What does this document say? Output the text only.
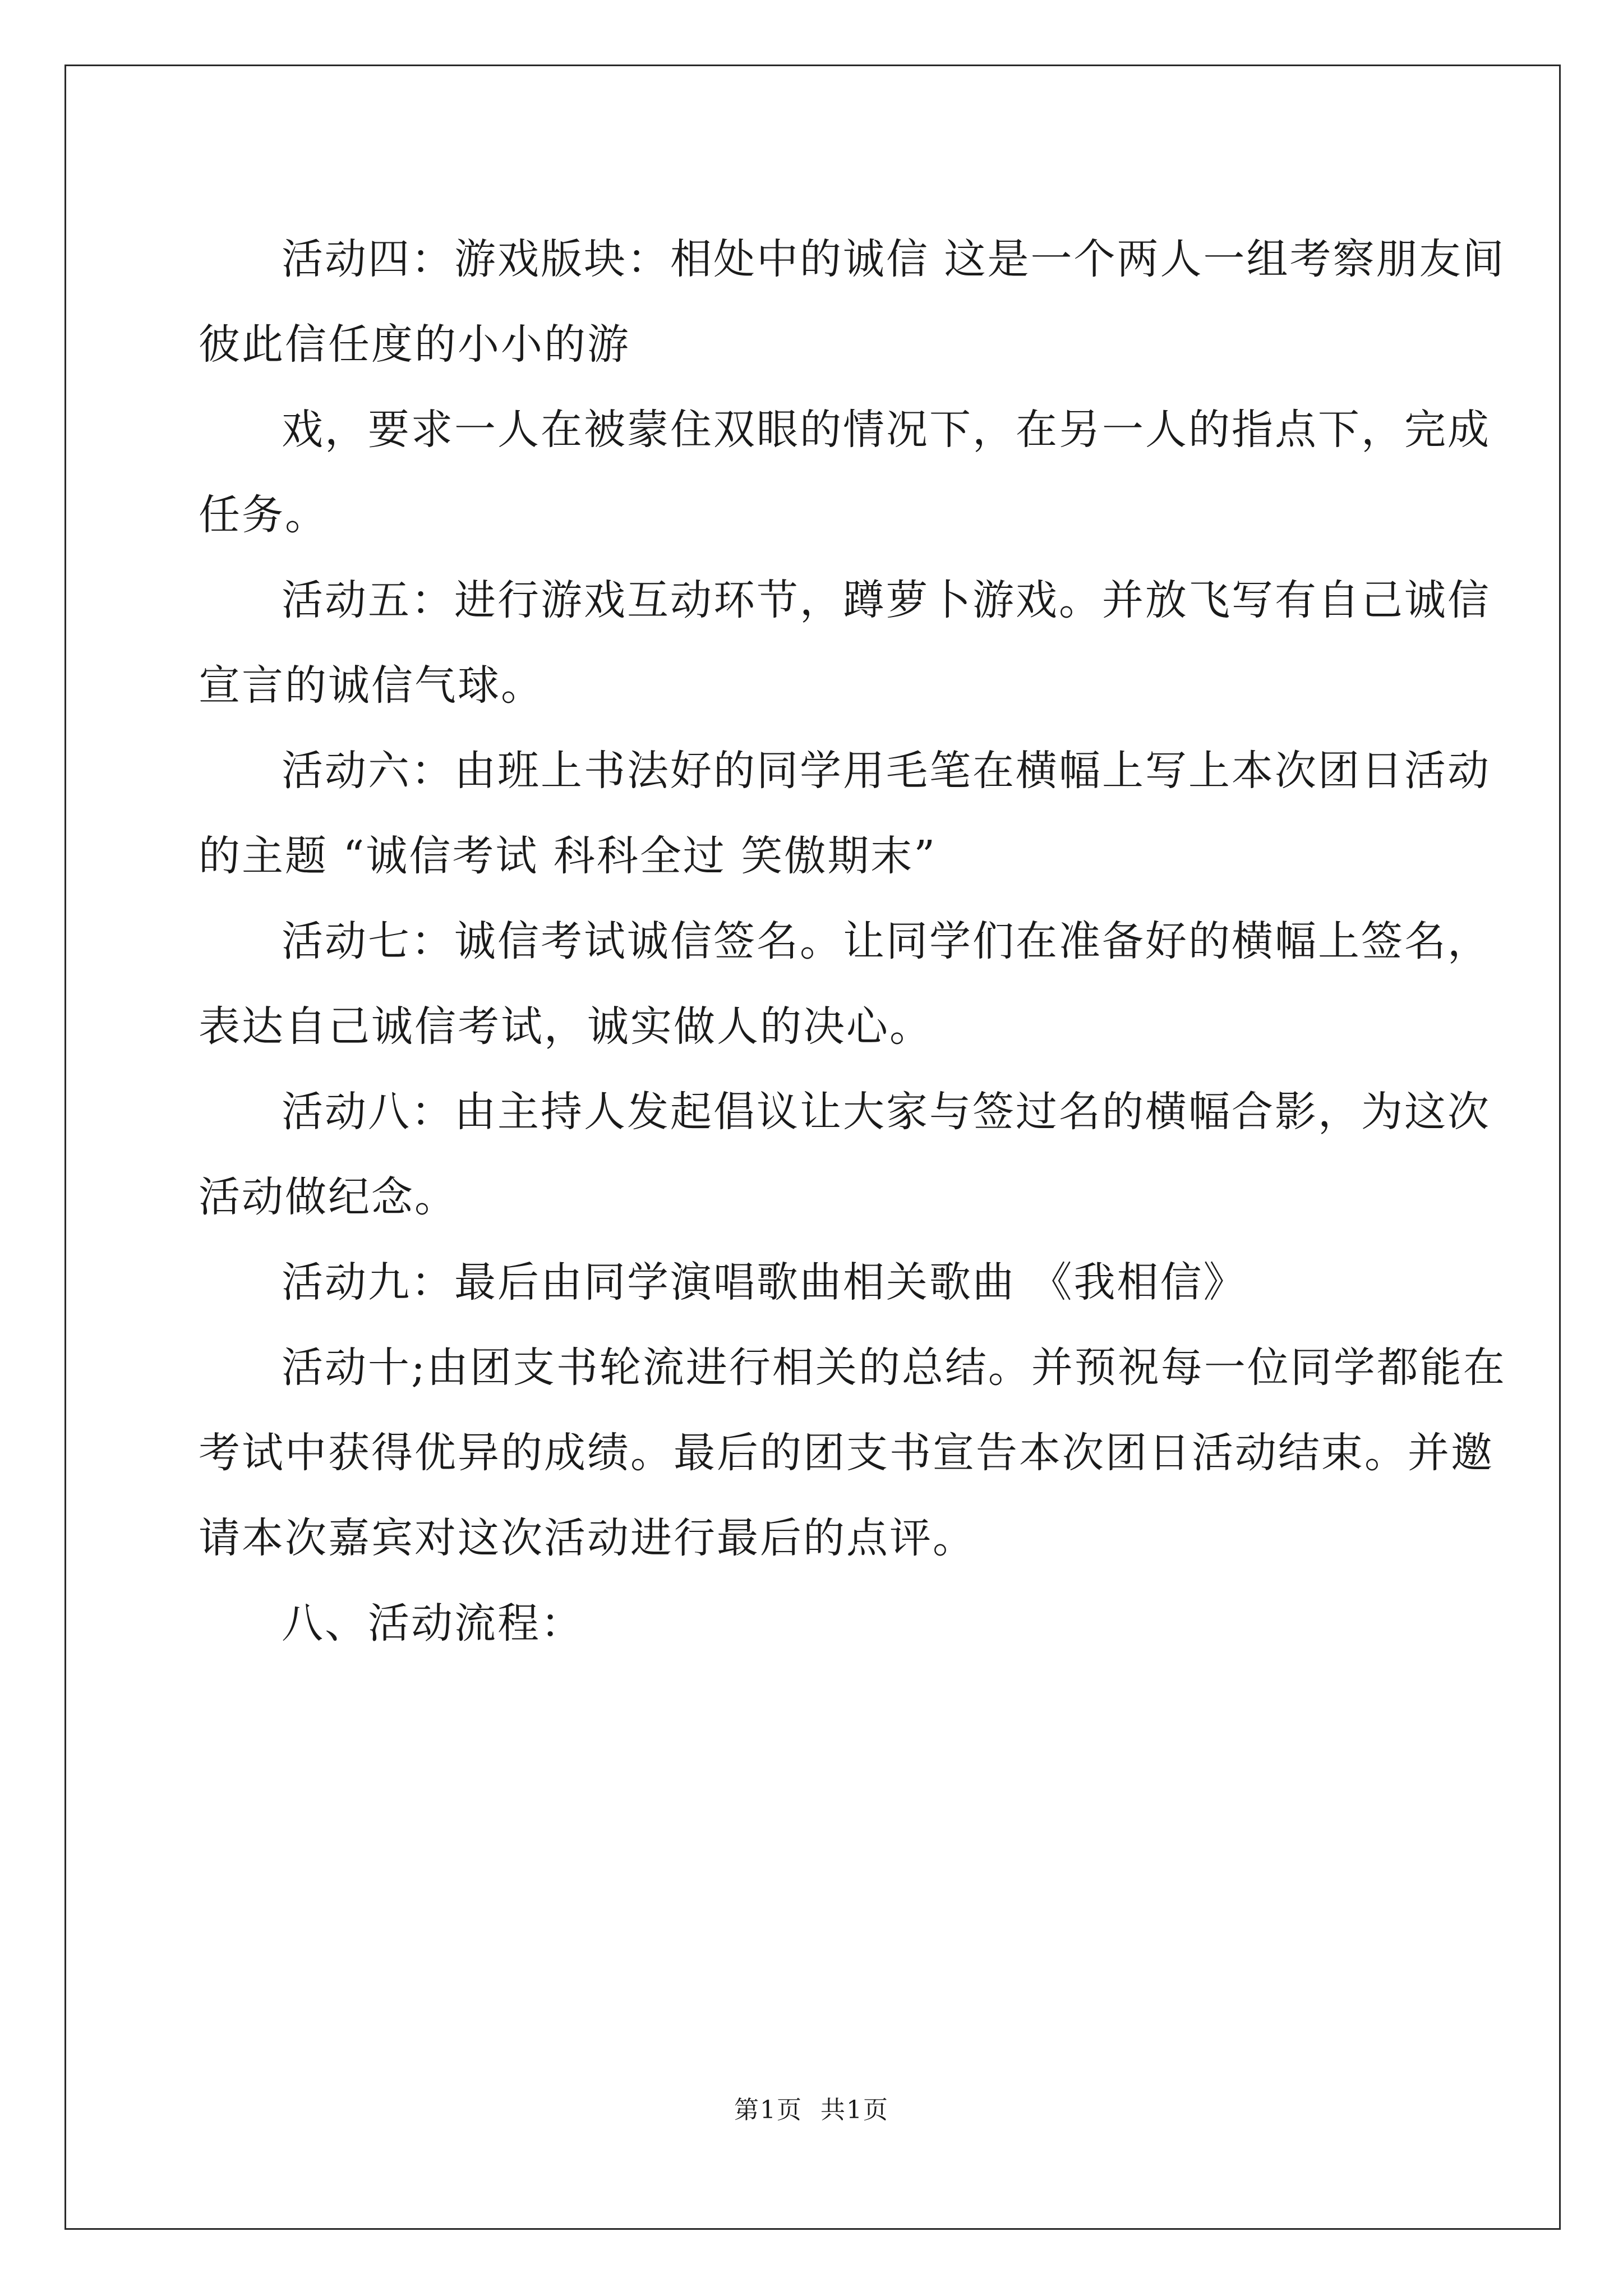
活动四：游戏版块：相处中的诚信 这是一个两人一组考察朋友间

彼此信任度的小小的游

戏，要求一人在被蒙住双眼的情况下，在另一人的指点下，完成

任务。

活动五：进行游戏互动环节，蹲萝卜游戏。并放飞写有自己诚信

宣言的诚信气球。

活动六：由班上书法好的同学用毛笔在横幅上写上本次团日活动

的主题 “诚信考试 科科全过 笑傲期末”

活动七：诚信考试诚信签名。让同学们在准备好的横幅上签名，

表达自己诚信考试，诚实做人的决心。

活动八：由主持人发起倡议让大家与签过名的横幅合影，为这次

活动做纪念。

活动九：最后由同学演唱歌曲相关歌曲 《我相信》

活动十;由团支书轮流进行相关的总结。并预祝每一位同学都能在

考试中获得优异的成绩。最后的团支书宣告本次团日活动结束。并邀

请本次嘉宾对这次活动进行最后的点评。

八、活动流程：

第1页  共1页
